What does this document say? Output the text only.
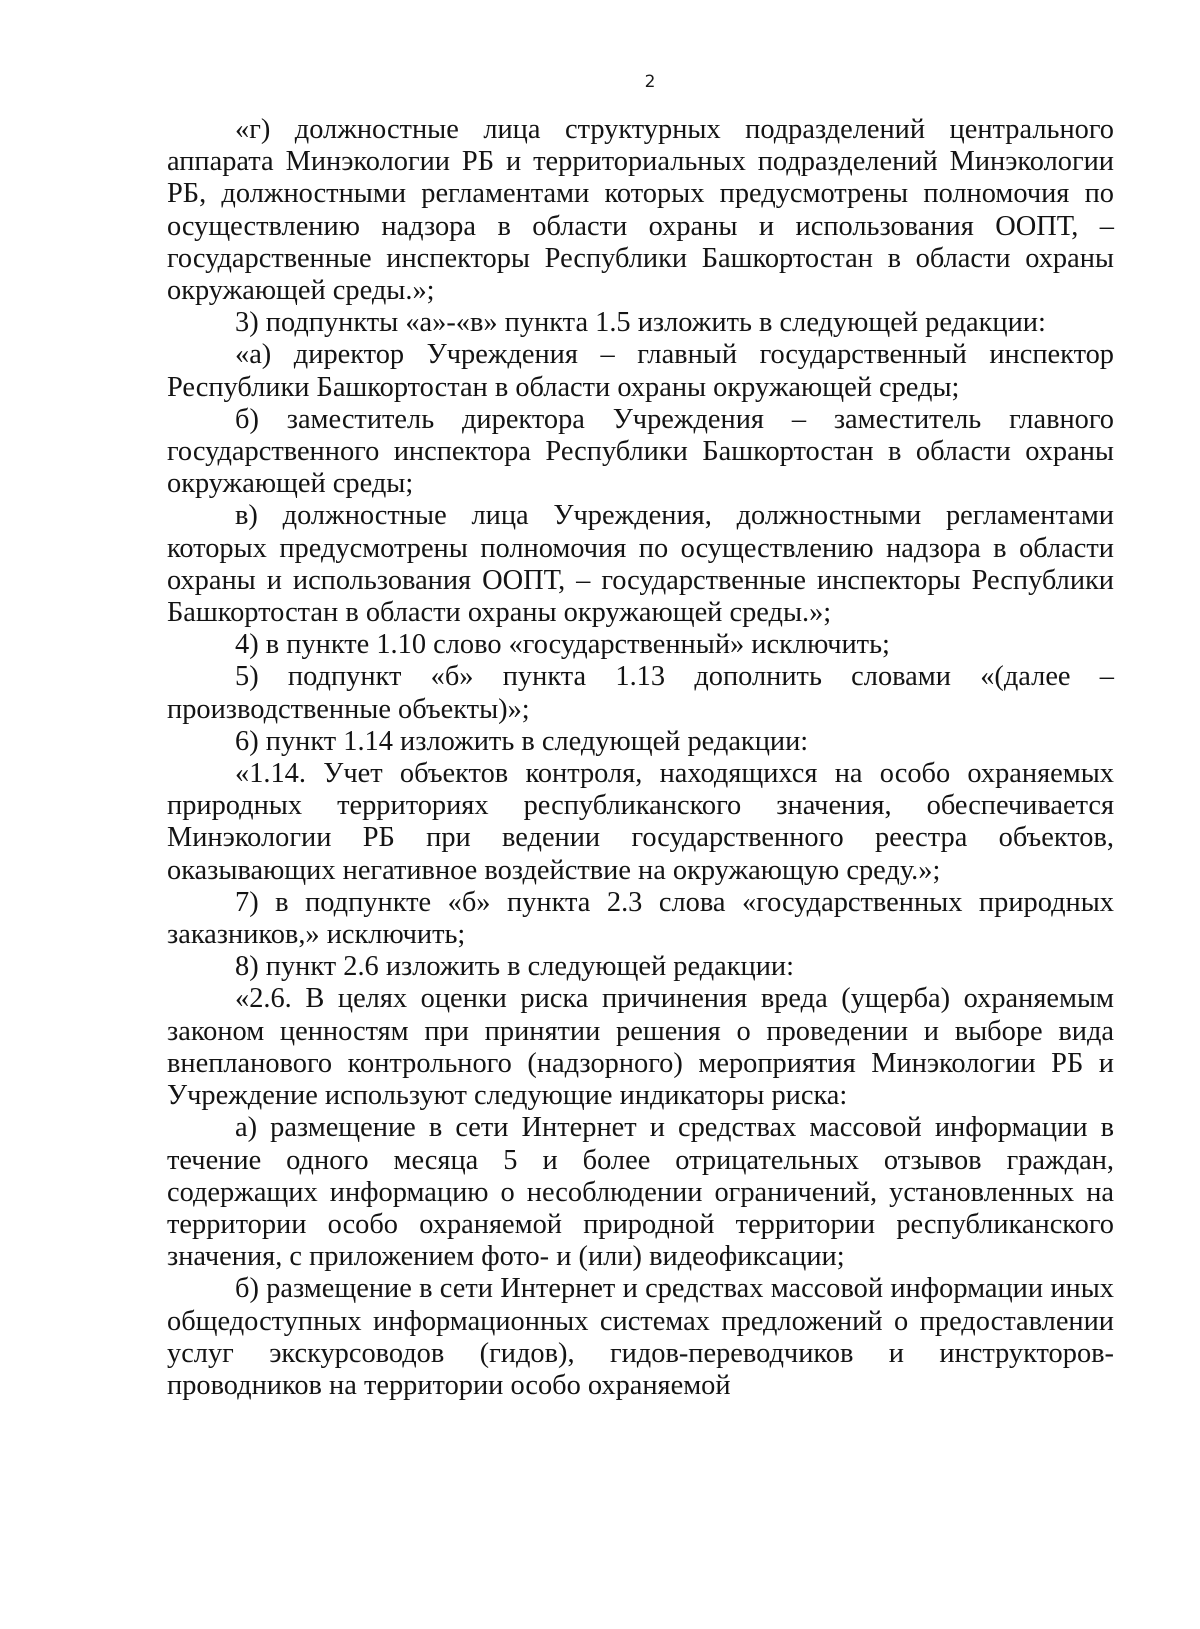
2

«г) должностные лица структурных подразделений центрального аппарата Минэкологии РБ и территориальных подразделений Минэкологии РБ, должностными регламентами которых предусмотрены полномочия по осуществлению надзора в области охраны и использования ООПТ, – государственные инспекторы Республики Башкортостан в области охраны окружающей среды.»;

3) подпункты «а»-«в» пункта 1.5 изложить в следующей редакции:

«а) директор Учреждения – главный государственный инспектор Республики Башкортостан в области охраны окружающей среды;

б) заместитель директора Учреждения – заместитель главного государственного инспектора Республики Башкортостан в области охраны окружающей среды;

в) должностные лица Учреждения, должностными регламентами которых предусмотрены полномочия по осуществлению надзора в области охраны и использования ООПТ, – государственные инспекторы Республики Башкортостан в области охраны окружающей среды.»;

4) в пункте 1.10 слово «государственный» исключить;

5) подпункт «б» пункта 1.13 дополнить словами «(далее – производственные объекты)»;

6) пункт 1.14 изложить в следующей редакции:

«1.14. Учет объектов контроля, находящихся на особо охраняемых природных территориях республиканского значения, обеспечивается Минэкологии РБ при ведении государственного реестра объектов, оказывающих негативное воздействие на окружающую среду.»;

7) в подпункте «б» пункта 2.3 слова «государственных природных заказников,» исключить;

8) пункт 2.6 изложить в следующей редакции:

«2.6. В целях оценки риска причинения вреда (ущерба) охраняемым законом ценностям при принятии решения о проведении и выборе вида внепланового контрольного (надзорного) мероприятия Минэкологии РБ и Учреждение используют следующие индикаторы риска:

а) размещение в сети Интернет и средствах массовой информации в течение одного месяца 5 и более отрицательных отзывов граждан, содержащих информацию о несоблюдении ограничений, установленных на территории особо охраняемой природной территории республиканского значения, с приложением фото- и (или) видеофиксации;

б) размещение в сети Интернет и средствах массовой информации иных общедоступных информационных системах предложений о предоставлении услуг экскурсоводов (гидов), гидов-переводчиков и инструкторов-проводников на территории особо охраняемой
